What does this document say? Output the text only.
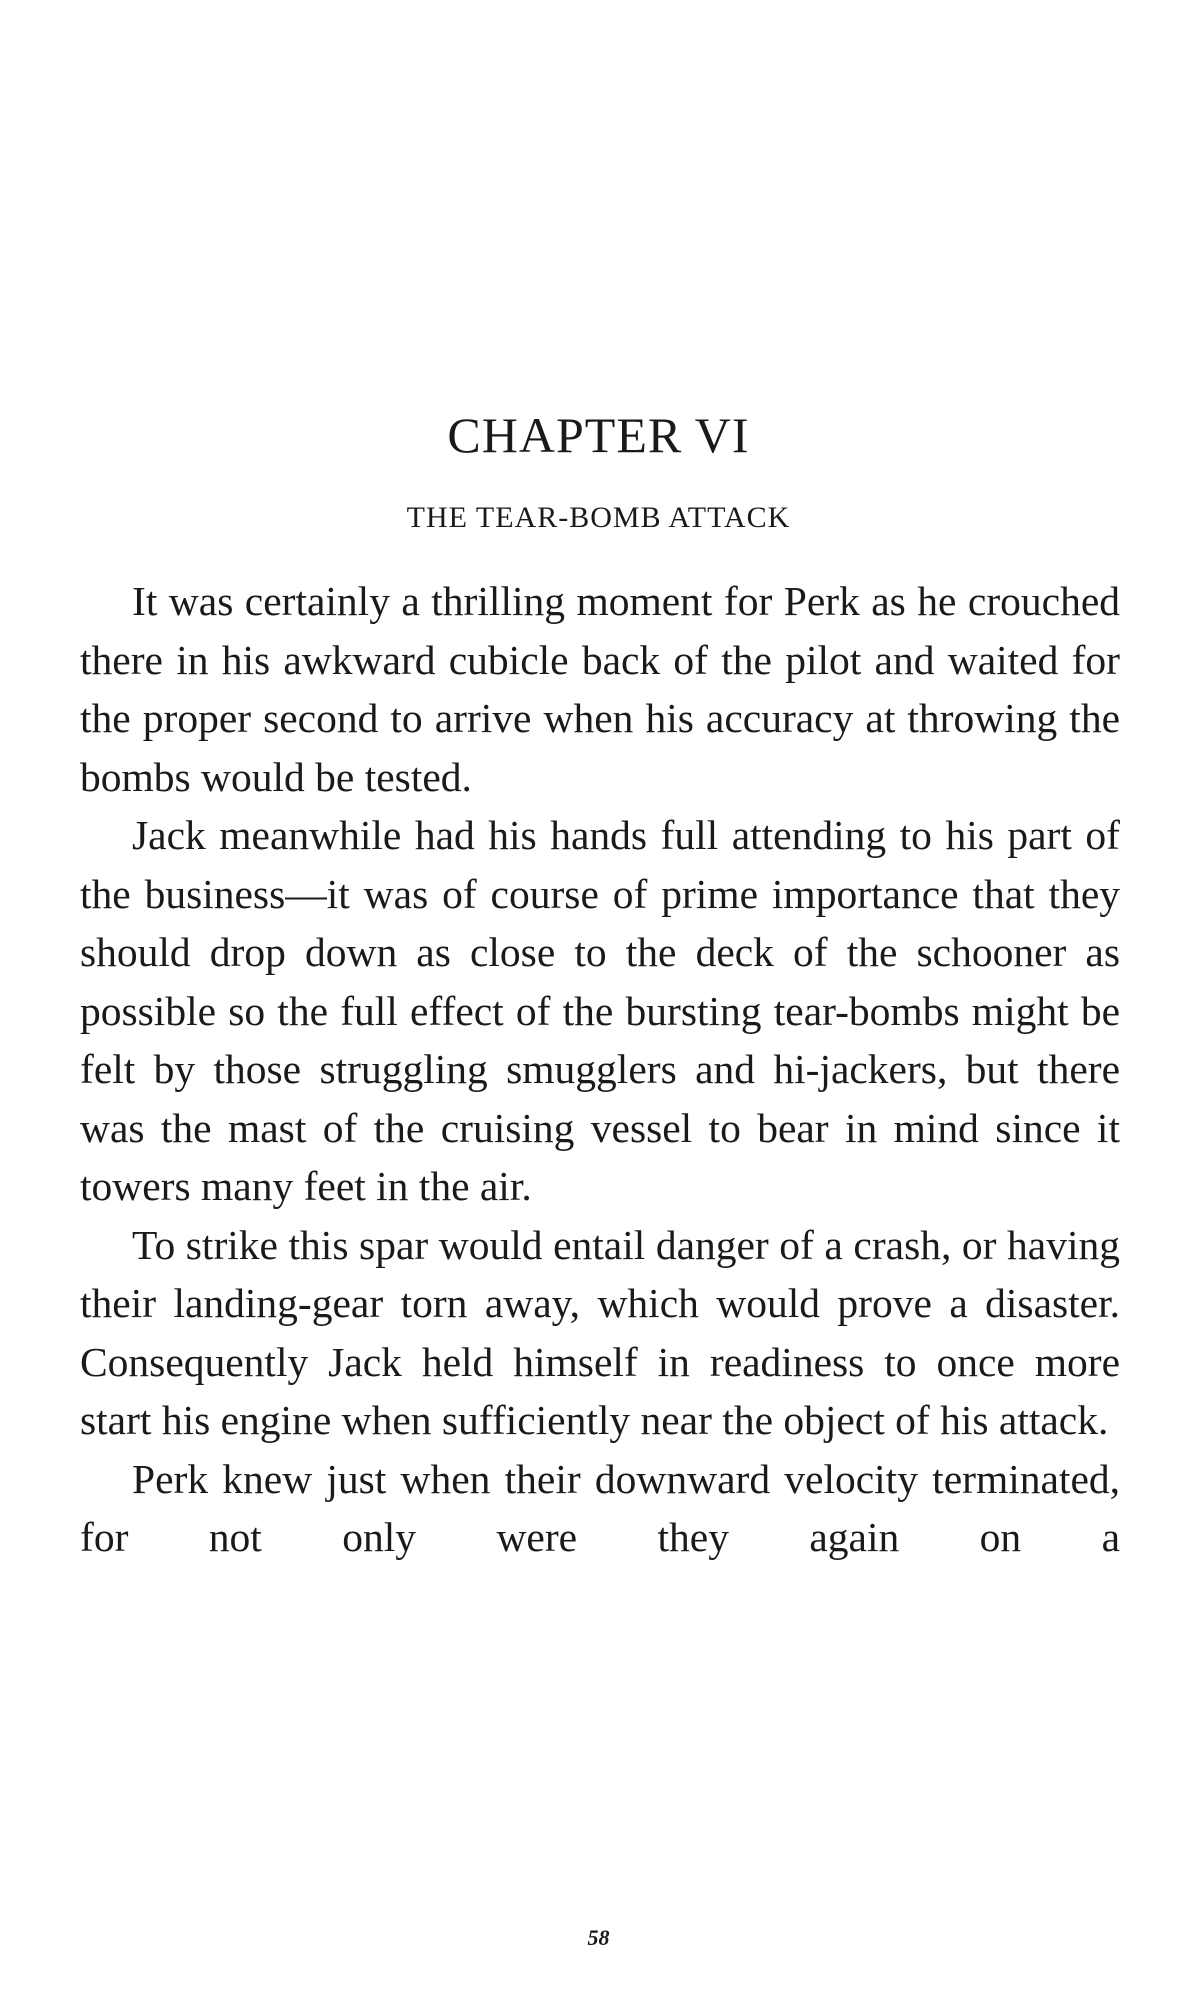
CHAPTER VI
THE TEAR-BOMB ATTACK

It was certainly a thrilling moment for Perk as he crouched there in his awkward cubicle back of the pilot and waited for the proper second to arrive when his accuracy at throwing the bombs would be tested.

Jack meanwhile had his hands full attending to his part of the business—it was of course of prime importance that they should drop down as close to the deck of the schooner as possible so the full effect of the bursting tear-bombs might be felt by those struggling smugglers and hi-jackers, but there was the mast of the cruising vessel to bear in mind since it towers many feet in the air.

To strike this spar would entail danger of a crash, or having their landing-gear torn away, which would prove a disaster. Consequently Jack held himself in readiness to once more start his engine when sufficiently near the object of his attack.

Perk knew just when their downward velocity terminated, for not only were they again on a

58
